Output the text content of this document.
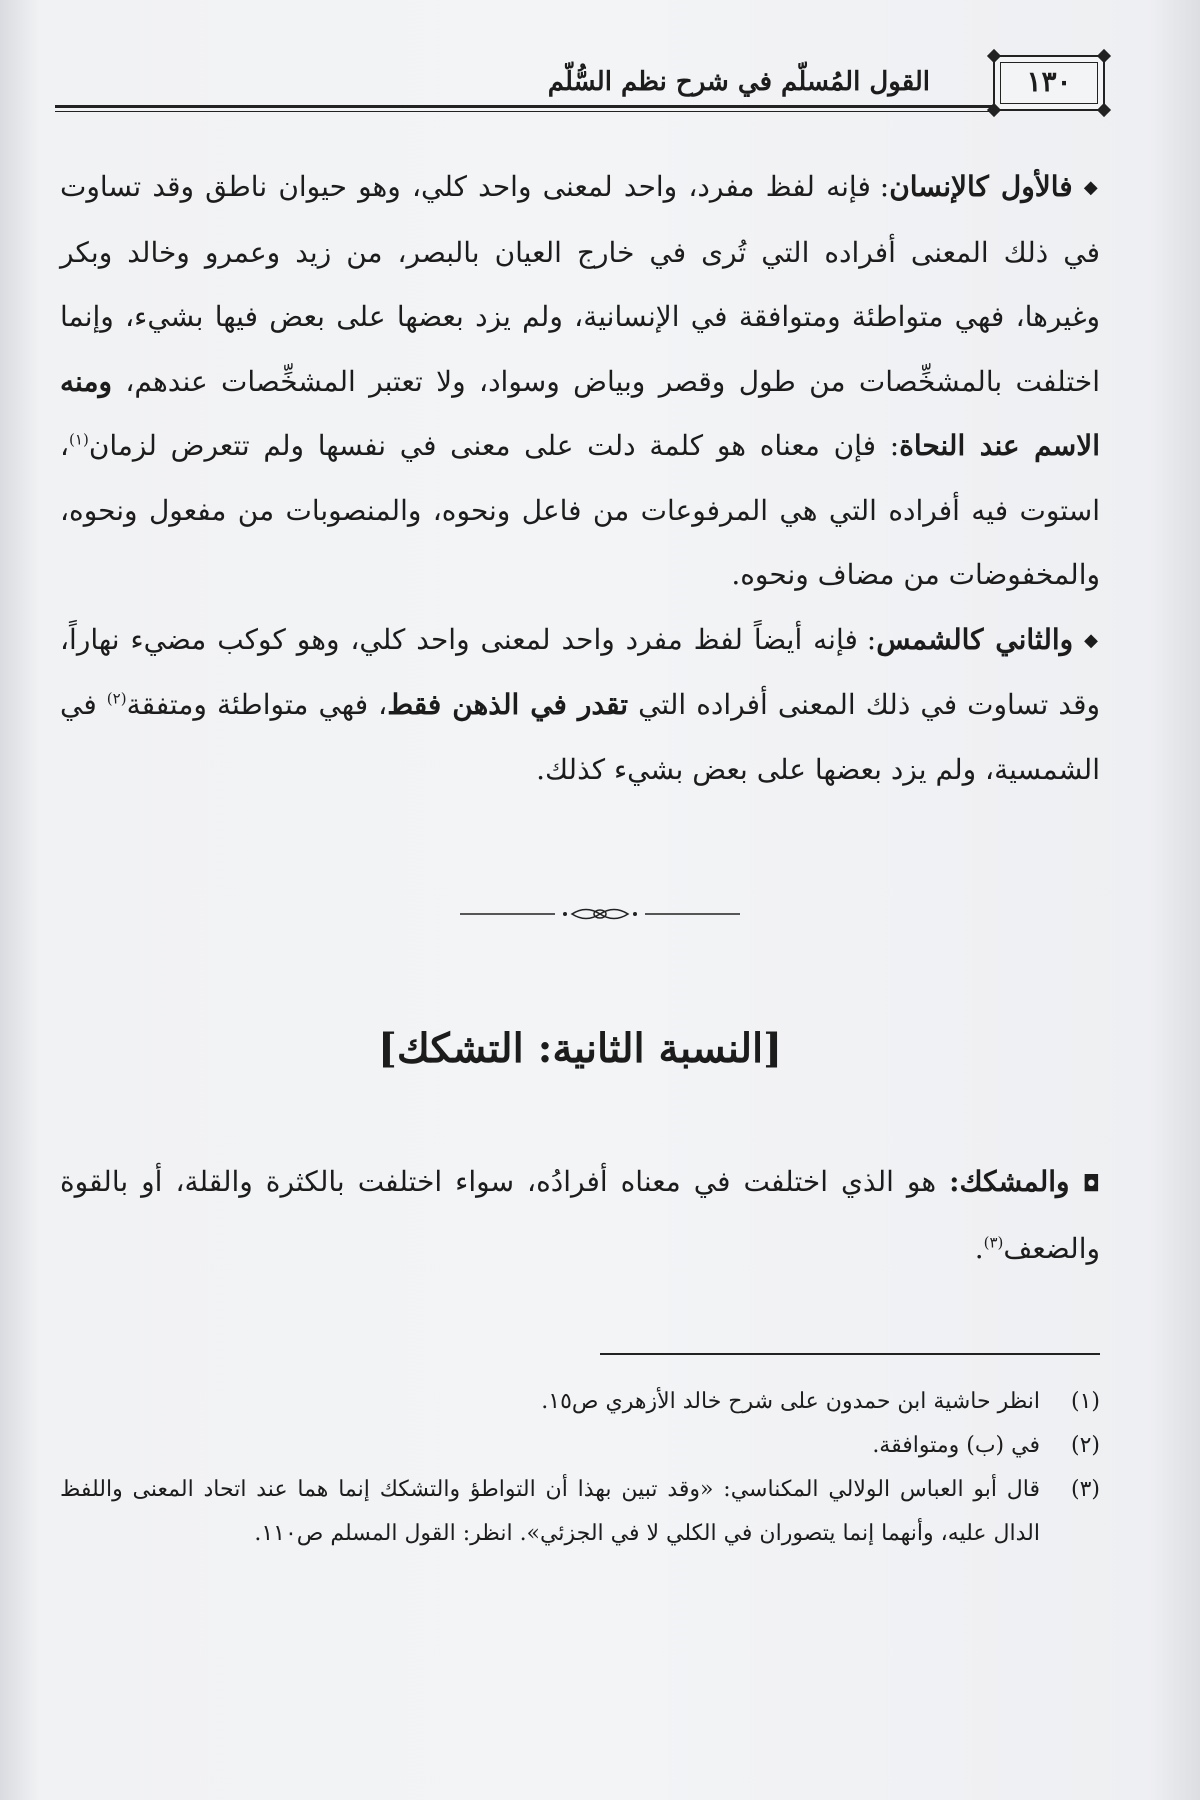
١٣٠
القول المُسلّم في شرح نظم السُّلّم

◆ فالأول كالإنسان: فإنه لفظ مفرد، واحد لمعنى واحد كلي، وهو حيوان ناطق وقد تساوت في ذلك المعنى أفراده التي تُرى في خارج العيان بالبصر، من زيد وعمرو وخالد وبكر وغيرها، فهي متواطئة ومتوافقة في الإنسانية، ولم يزد بعضها على بعض فيها بشيء، وإنما اختلفت بالمشخِّصات من طول وقصر وبياض وسواد، ولا تعتبر المشخِّصات عندهم، ومنه الاسم عند النحاة: فإن معناه هو كلمة دلت على معنى في نفسها ولم تتعرض لزمان$^{(١)}$، استوت فيه أفراده التي هي المرفوعات من فاعل ونحوه، والمنصوبات من مفعول ونحوه، والمخفوضات من مضاف ونحوه.

◆ والثاني كالشمس: فإنه أيضاً لفظ مفرد واحد لمعنى واحد كلي، وهو كوكب مضيء نهاراً، وقد تساوت في ذلك المعنى أفراده التي تقدر في الذهن فقط، فهي متواطئة ومتفقة$^{(٢)}$ في الشمسية، ولم يزد بعضها على بعض بشيء كذلك.

[النسبة الثانية: التشكك]

◘ والمشكك: هو الذي اختلفت في معناه أفرادُه، سواء اختلفت بالكثرة والقلة، أو بالقوة والضعف$^{(٣)}$.

(١)
انظر حاشية ابن حمدون على شرح خالد الأزهري ص١٥.
(٢)
في (ب) ومتوافقة.
(٣)
قال أبو العباس الولالي المكناسي: «وقد تبين بهذا أن التواطؤ والتشكك إنما هما عند اتحاد المعنى واللفظ الدال عليه، وأنهما إنما يتصوران في الكلي لا في الجزئي». انظر: القول المسلم ص١١٠.
